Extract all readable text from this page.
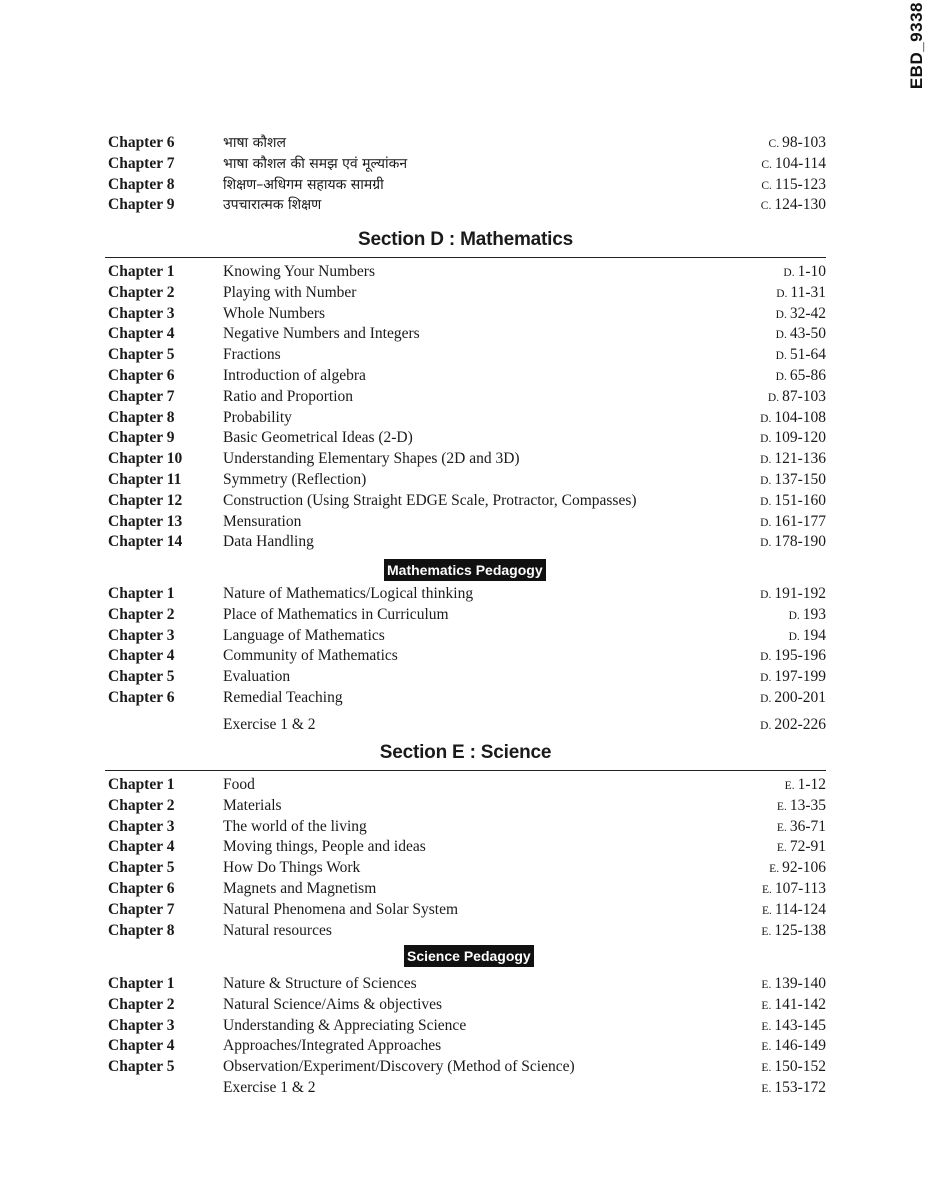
EBD_9338
Chapter 6	भाषा कौशल	C. 98-103
Chapter 7	भाषा कौशल की समझ एवं मूल्यांकन	C. 104-114
Chapter 8	शिक्षण–अधिगम सहायक सामग्री	C. 115-123
Chapter 9	उपचारात्मक शिक्षण	C. 124-130
Section D : Mathematics
Chapter 1	Knowing Your Numbers	D. 1-10
Chapter 2	Playing with Number	D. 11-31
Chapter 3	Whole Numbers	D. 32-42
Chapter 4	Negative Numbers and Integers	D. 43-50
Chapter 5	Fractions	D. 51-64
Chapter 6	Introduction of algebra	D. 65-86
Chapter 7	Ratio and Proportion	D. 87-103
Chapter 8	Probability	D. 104-108
Chapter 9	Basic Geometrical Ideas (2-D)	D. 109-120
Chapter 10	Understanding Elementary Shapes (2D and 3D)	D. 121-136
Chapter 11	Symmetry (Reflection)	D. 137-150
Chapter 12	Construction (Using Straight EDGE Scale, Protractor, Compasses)	D. 151-160
Chapter 13	Mensuration	D. 161-177
Chapter 14	Data Handling	D. 178-190
Mathematics Pedagogy
Chapter 1	Nature of Mathematics/Logical thinking	D. 191-192
Chapter 2	Place of Mathematics in Curriculum	D. 193
Chapter 3	Language of Mathematics	D. 194
Chapter 4	Community of Mathematics	D. 195-196
Chapter 5	Evaluation	D. 197-199
Chapter 6	Remedial Teaching	D. 200-201
Exercise 1 & 2	D. 202-226
Section E : Science
Chapter 1	Food	E. 1-12
Chapter 2	Materials	E. 13-35
Chapter 3	The world of the living	E. 36-71
Chapter 4	Moving things, People and ideas	E. 72-91
Chapter 5	How Do Things Work	E. 92-106
Chapter 6	Magnets and Magnetism	E. 107-113
Chapter 7	Natural Phenomena and Solar System	E. 114-124
Chapter 8	Natural resources	E. 125-138
Science Pedagogy
Chapter 1	Nature & Structure of Sciences	E. 139-140
Chapter 2	Natural Science/Aims & objectives	E. 141-142
Chapter 3	Understanding & Appreciating Science	E. 143-145
Chapter 4	Approaches/Integrated Approaches	E. 146-149
Chapter 5	Observation/Experiment/Discovery (Method of Science)	E. 150-152
Exercise 1 & 2	E. 153-172
